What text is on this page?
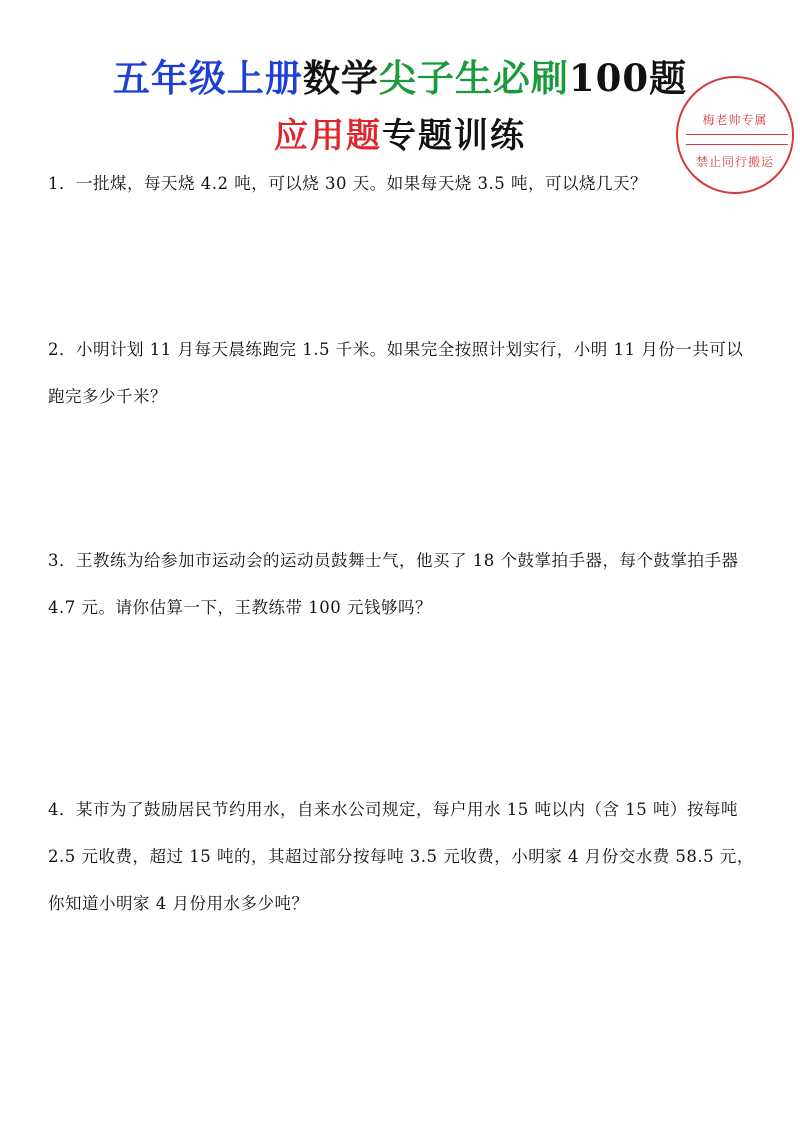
五年级上册数学尖子生必刷100题
应用题专题训练	梅老帅专属
禁止同行搬运
1．一批煤，每天烧 4.2 吨，可以烧 30 天。如果每天烧 3.5 吨，可以烧几天？
2．小明计划 11 月每天晨练跑完 1.5 千米。如果完全按照计划实行，小明 11 月份一共可以跑完多少千米？
3．王教练为给参加市运动会的运动员鼓舞士气，他买了 18 个鼓掌拍手器，每个鼓掌拍手器 4.7 元。请你估算一下，王教练带 100 元钱够吗？
4．某市为了鼓励居民节约用水，自来水公司规定，每户用水 15 吨以内（含 15 吨）按每吨 2.5 元收费，超过 15 吨的，其超过部分按每吨 3.5 元收费，小明家 4 月份交水费 58.5 元，你知道小明家 4 月份用水多少吨？
